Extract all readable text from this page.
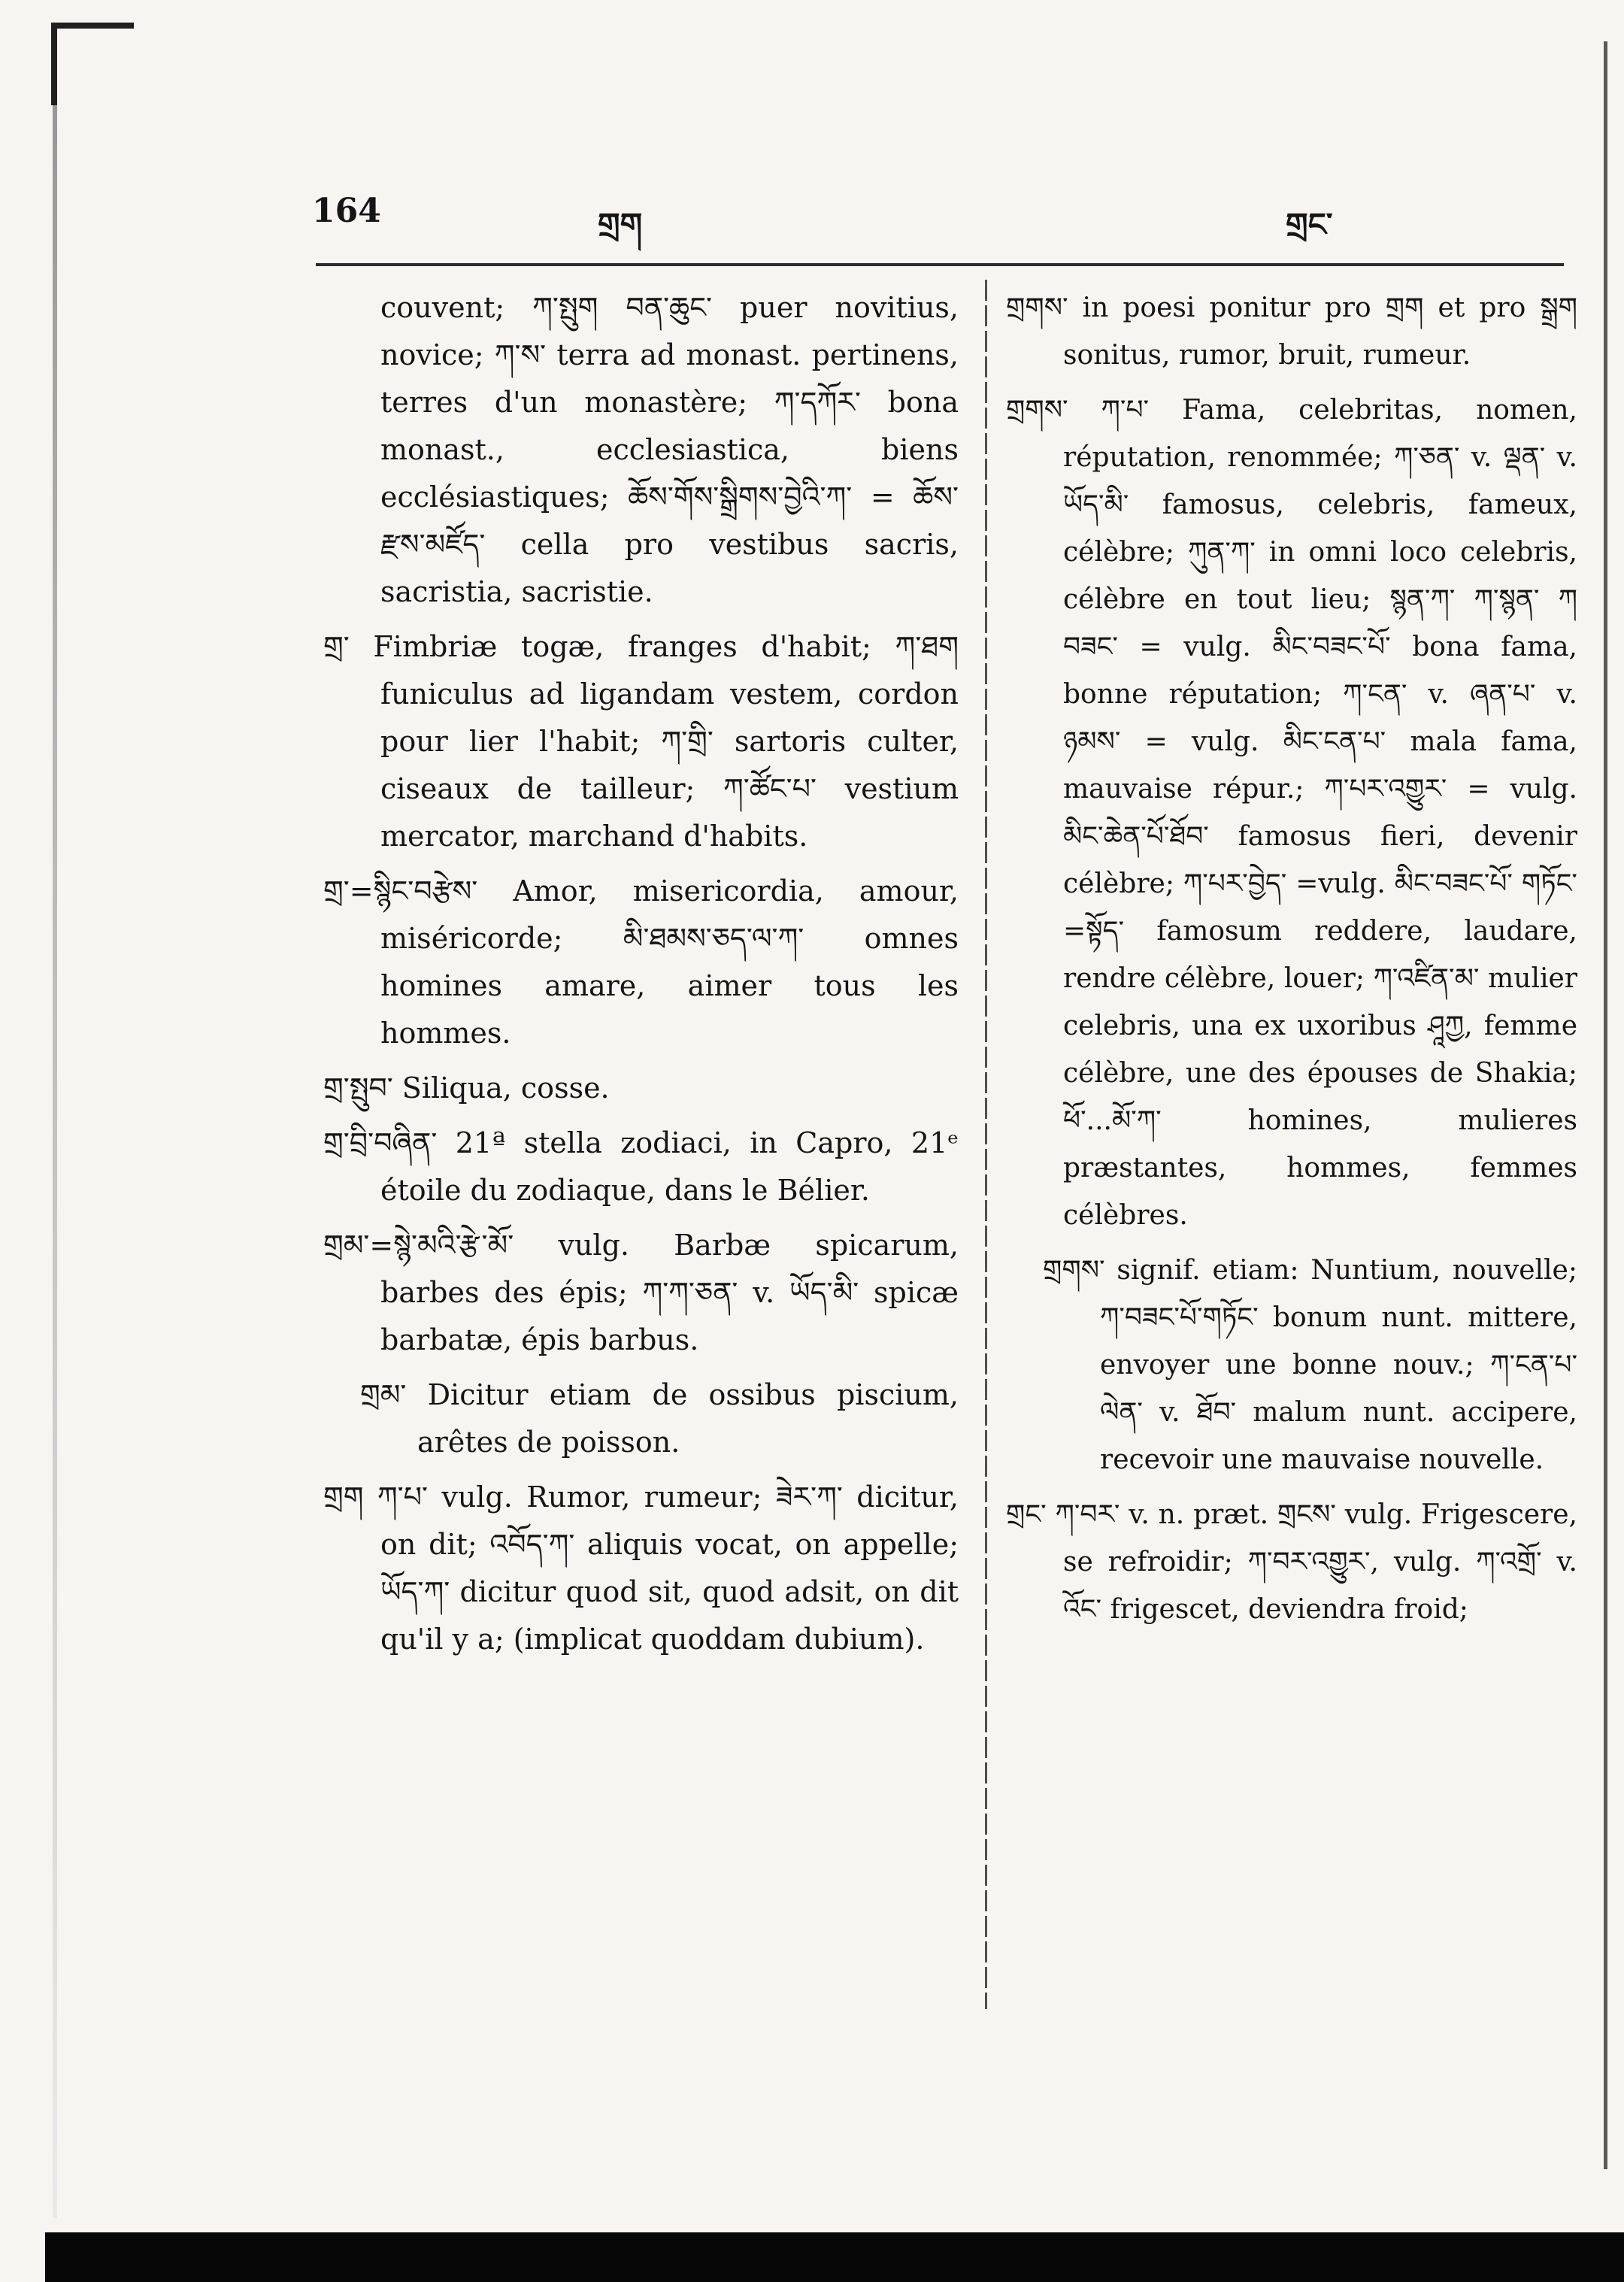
164	གྲག	གྲང་

couvent; ཀ་སྤུག བན་ཆུང་ puer novitius, novice; ཀ་ས་ terra ad monast. pertinens, terres d'un monastère; ཀ་དཀོར་ bona monast., ecclesiastica, biens ecclésiastiques; ཆོས་གོས་སྒྲིགས་བྱེའི་ཀ་ = ཆོས་ རྫས་མཛོད་ cella pro vestibus sacris, sacristia, sacristie.

གྲ་ Fimbriæ togæ, franges d'habit; ཀ་ཐག funiculus ad ligandam vestem, cordon pour lier l'habit; ཀ་གྲི་ sartoris culter, ciseaux de tailleur; ཀ་ཚོང་པ་ vestium mercator, marchand d'habits.

གྲ་=སྙིང་བརྩེས་ Amor, misericordia, amour, miséricorde; མི་ཐམས་ཅད་ལ་ཀ་ omnes homines amare, aimer tous les hommes.

གྲ་སྤུབ་ Siliqua, cosse.

གྲ་བྲི་བཞིན་ 21ª stella zodiaci, in Capro, 21ᵉ étoile du zodiaque, dans le Bélier.

གྲམ་=སྙེ་མའི་རྩེ་མོ་ vulg. Barbæ spicarum, barbes des épis; ཀ་ཀ་ཅན་ v. ཡོད་མི་ spicæ barbatæ, épis barbus.

གྲམ་ Dicitur etiam de ossibus piscium, arêtes de poisson.

གྲག ཀ་པ་ vulg. Rumor, rumeur; ཟེར་ཀ་ dicitur, on dit; འབོད་ཀ་ aliquis vocat, on appelle; ཡོད་ཀ་ dicitur quod sit, quod adsit, on dit qu'il y a; (implicat quoddam dubium).

གྲགས་ in poesi ponitur pro གྲག et pro སྒྲག sonitus, rumor, bruit, rumeur.

གྲགས་ ཀ་པ་ Fama, celebritas, nomen, réputation, renommée; ཀ་ཅན་ v. ལྡན་ v. ཡོད་མི་ famosus, celebris, fameux, célèbre; ཀུན་ཀ་ in omni loco celebris, célèbre en tout lieu; སྙན་ཀ་ ཀ་སྙན་ ཀ བཟང་ = vulg. མིང་བཟང་པོ་ bona fama, bonne réputation; ཀ་ངན་ v. ཞན་པ་ v. ཉམས་ = vulg. མིང་ངན་པ་ mala fama, mauvaise répur.; ཀ་པར་འགྱུར་ = vulg. མིང་ཆེན་པོ་ཐོབ་ famosus fieri, devenir célèbre; ཀ་པར་བྱེད་ =vulg. མིང་བཟང་པོ་ གཏོང་=སྟོད་ famosum reddere, laudare, rendre célèbre, louer; ཀ་འཛིན་མ་ mulier celebris, una ex uxoribus ཤཱཀྱ, femme célèbre, une des épouses de Shakia; ཕོ་...མོ་ཀ་ homines, mulieres præstantes, hommes, femmes célèbres.

གྲགས་ signif. etiam: Nuntium, nouvelle; ཀ་བཟང་པོ་གཏོང་ bonum nunt. mittere, envoyer une bonne nouv.; ཀ་ངན་པ་ ལེན་ v. ཐོབ་ malum nunt. accipere, recevoir une mauvaise nouvelle.

གྲང་ ཀ་བར་ v. n. præt. གྲངས་ vulg. Frigescere, se refroidir; ཀ་བར་འགྱུར་, vulg. ཀ་འགྲོ་ v. འོང་ frigescet, deviendra froid;
